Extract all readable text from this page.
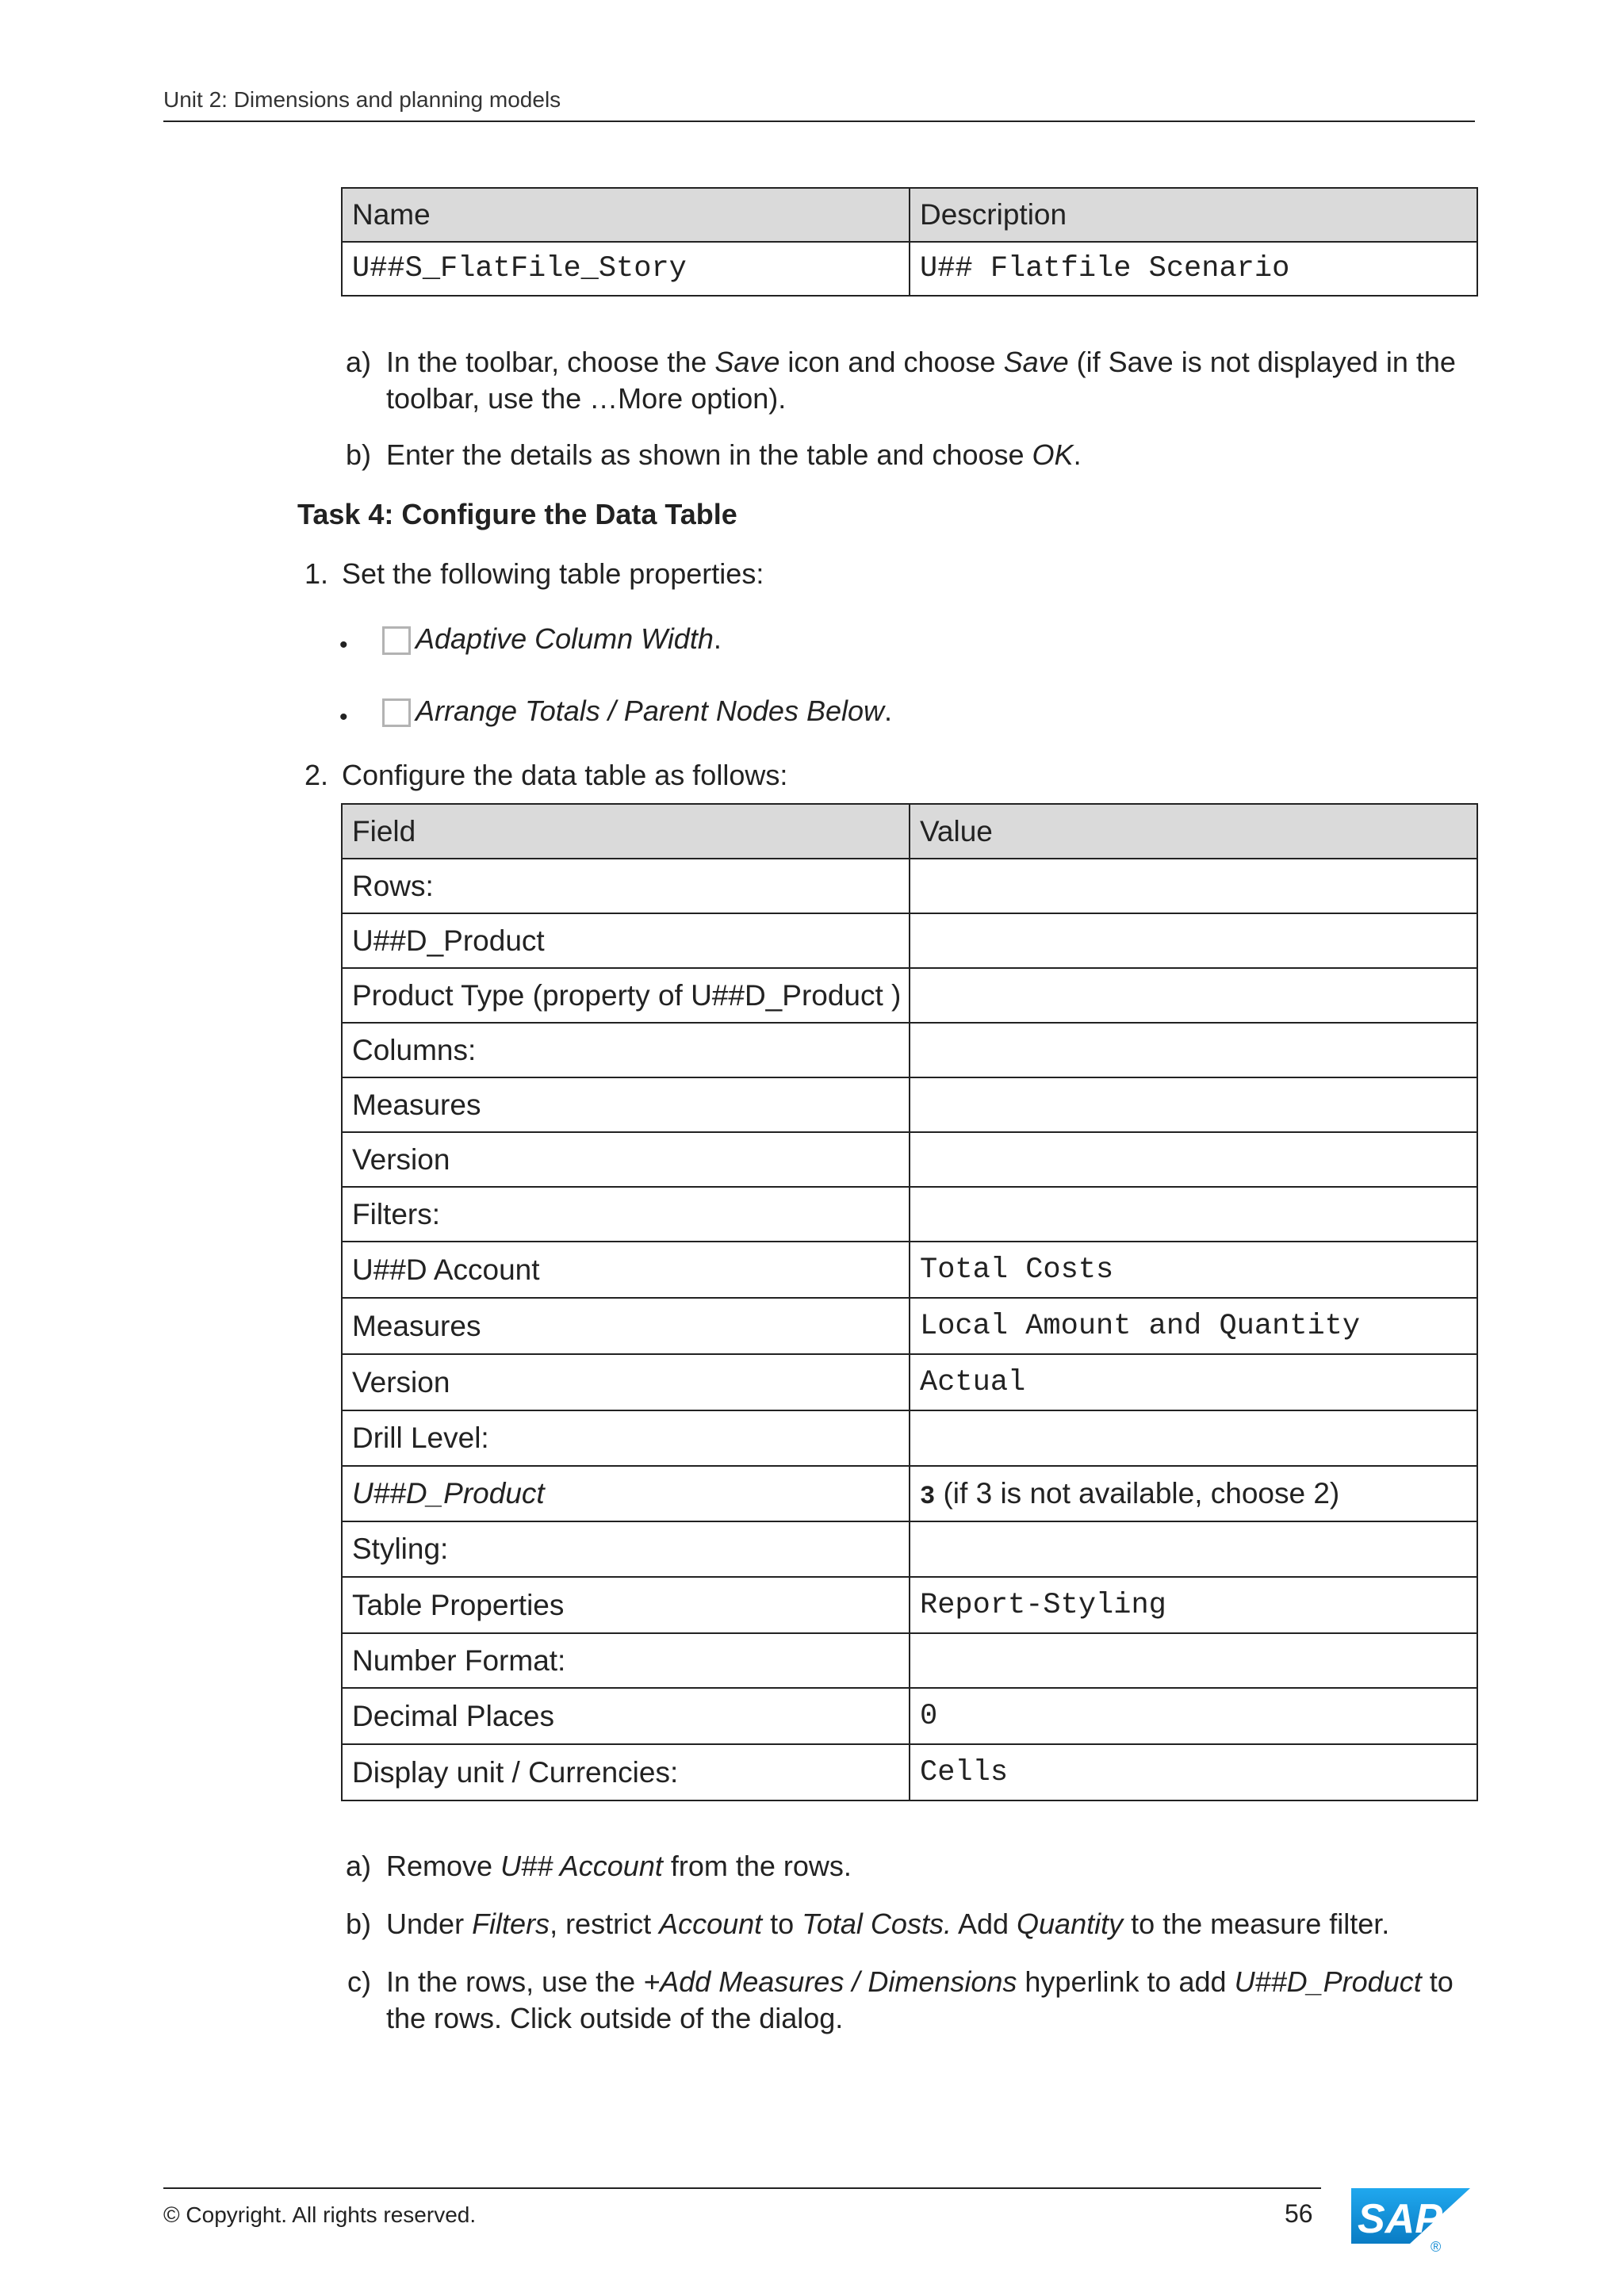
Unit 2: Dimensions and planning models
Name	Description
U##S_FlatFile_Story	U## Flatfile Scenario
a) In the toolbar, choose the Save icon and choose Save (if Save is not displayed in the
toolbar, use the …More option).
b) Enter the details as shown in the table and choose OK.
Task 4: Configure the Data Table
1. Set the following table properties:
•	Adaptive Column Width.
•	Arrange Totals / Parent Nodes Below.
2. Configure the data table as follows:
Field	Value
Rows:	
U##D_Product	
Product Type (property of U##D_Product )	
Columns:	
Measures	
Version	
Filters:	
U##D Account	Total Costs
Measures	Local Amount and Quantity
Version	Actual
Drill Level:	
U##D_Product	3 (if 3 is not available, choose 2)
Styling:	
Table Properties	Report-Styling
Number Format:	
Decimal Places	0
Display unit / Currencies:	Cells
a) Remove U## Account from the rows.
b) Under Filters, restrict Account to Total Costs. Add Quantity to the measure filter.
c) In the rows, use the +Add Measures / Dimensions hyperlink to add U##D_Product to
the rows. Click outside of the dialog.
© Copyright. All rights reserved.	56 SAP
®
